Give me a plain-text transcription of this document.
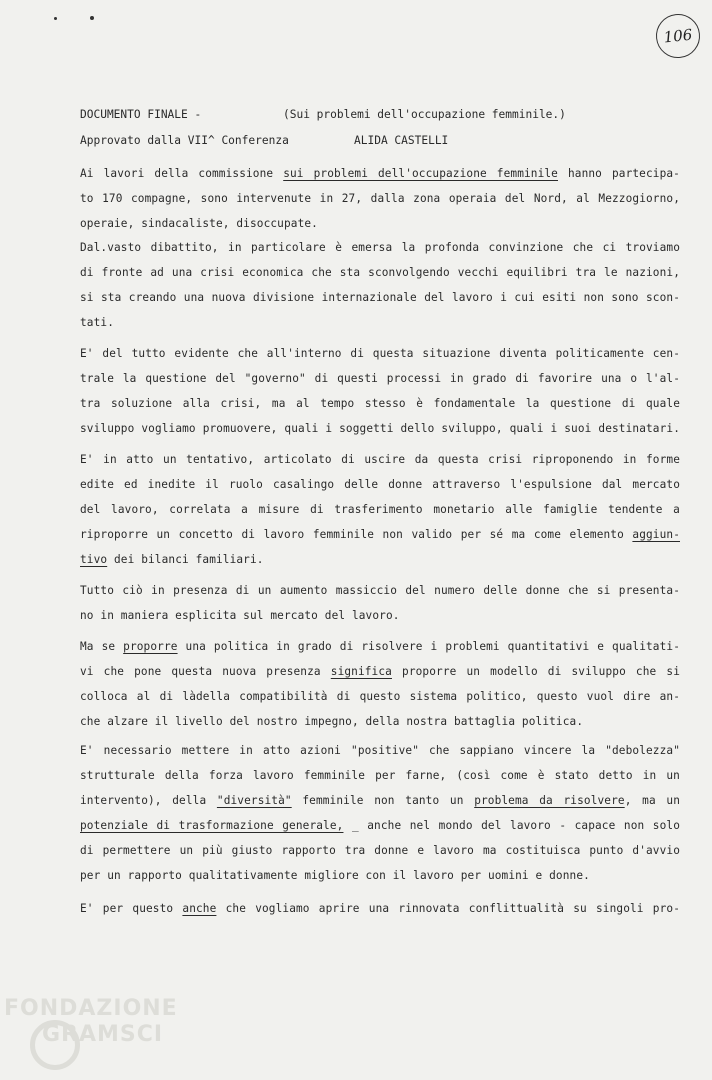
106
DOCUMENTO FINALE -	(Sui problemi dell'occupazione femminile.)
Approvato dalla VII^ Conferenza	ALIDA CASTELLI
Ai lavori della commissione sui problemi dell'occupazione femminile hanno partecipa-
to 170 compagne, sono intervenute in 27, dalla zona operaia del Nord, al Mezzogiorno,
operaie, sindacaliste, disoccupate.
Dal.vasto dibattito, in particolare è emersa la profonda convinzione che ci troviamo
di fronte ad una crisi economica che sta sconvolgendo vecchi equilibri tra le nazioni,
si sta creando una nuova divisione internazionale del lavoro i cui esiti non sono scon-
tati.
E' del tutto evidente che all'interno di questa situazione diventa politicamente cen-
trale la questione del "governo" di questi processi in grado di favorire una o l'al-
tra soluzione alla crisi, ma al tempo stesso è fondamentale la questione di quale
sviluppo vogliamo promuovere, quali i soggetti dello sviluppo, quali i suoi destinatari.
E' in atto un tentativo, articolato di uscire da questa crisi riproponendo in forme
edite ed inedite il ruolo casalingo delle donne attraverso l'espulsione dal mercato
del lavoro, correlata a misure di trasferimento monetario alle famiglie tendente a
riproporre un concetto di lavoro femminile non valido per sé ma come elemento aggiun-
tivo dei bilanci familiari.
Tutto ciò in presenza di un aumento massiccio del numero delle donne che si presenta-
no in maniera esplicita sul mercato del lavoro.
Ma se proporre una politica in grado di risolvere i problemi quantitativi e qualitati-
vi che pone questa nuova presenza significa proporre un modello di sviluppo che si
colloca al di làdella compatibilità di questo sistema politico, questo vuol dire an-
che alzare il livello del nostro impegno, della nostra battaglia politica.
E' necessario mettere in atto azioni "positive" che sappiano vincere la "debolezza"
strutturale della forza lavoro femminile per farne, (così come è stato detto in un
intervento), della "diversità" femminile non tanto un problema da risolvere, ma un
potenziale di trasformazione generale, _ anche nel mondo del lavoro - capace non solo
di permettere un più giusto rapporto tra donne e lavoro ma costituisca punto d'avvio
per un rapporto qualitativamente migliore con il lavoro per uomini e donne.
E' per questo anche che vogliamo aprire una rinnovata conflittualità su singoli pro-
FONDAZIONE
GRAMSCI
